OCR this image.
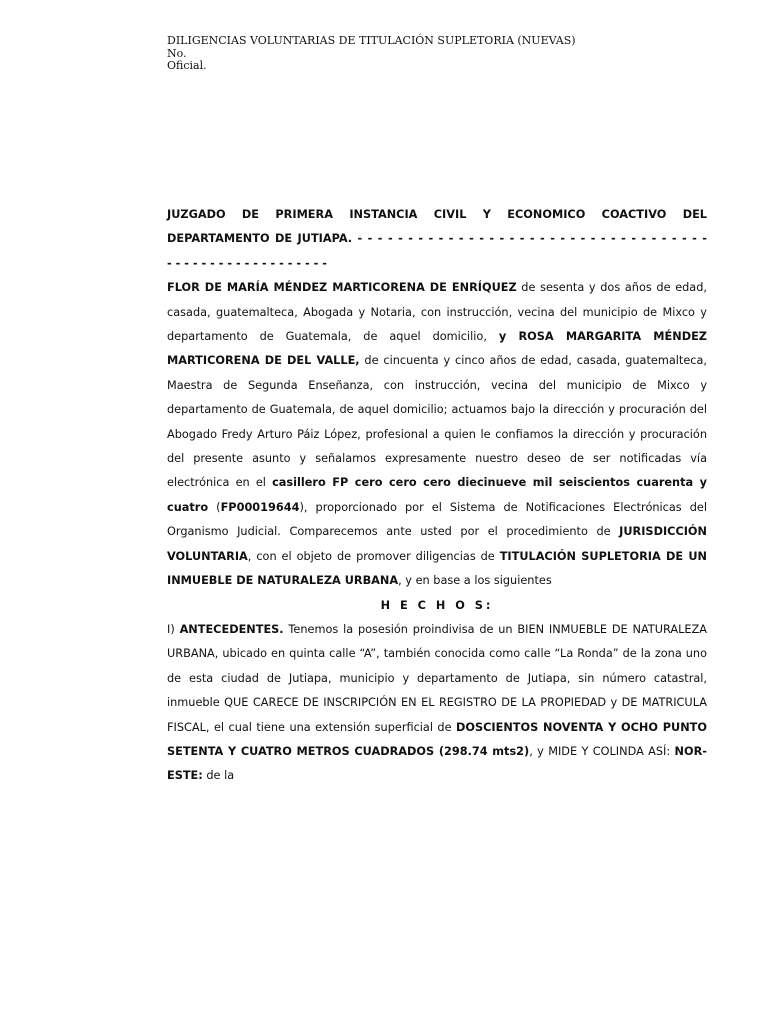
DILIGENCIAS VOLUNTARIAS DE TITULACIÓN SUPLETORIA (NUEVAS)
No.
Oficial.

JUZGADO DE PRIMERA INSTANCIA CIVIL Y ECONOMICO COACTIVO DEL

DEPARTAMENTO DE JUTIAPA. - - - - - - - - - - - - - - - - - - - - - - - - - - - - - - - - - - -

- - - - - - - - - - - - - - - - - - -

FLOR DE MARÍA MÉNDEZ MARTICORENA DE ENRÍQUEZ de sesenta y dos años de edad, casada, guatemalteca, Abogada y Notaria, con instrucción, vecina del municipio de Mixco y departamento de Guatemala, de aquel domicilio, y ROSA MARGARITA MÉNDEZ MARTICORENA DE DEL VALLE, de cincuenta y cinco años de edad, casada, guatemalteca, Maestra de Segunda Enseñanza, con instrucción, vecina del municipio de Mixco y departamento de Guatemala, de aquel domicilio; actuamos bajo la dirección y procuración del Abogado Fredy Arturo Páiz López, profesional a quien le confiamos la dirección y procuración del presente asunto y señalamos expresamente nuestro deseo de ser notificadas vía electrónica en el casillero FP cero cero cero diecinueve mil seiscientos cuarenta y cuatro (FP00019644), proporcionado por el Sistema de Notificaciones Electrónicas del Organismo Judicial. Comparecemos ante usted por el procedimiento de JURISDICCIÓN VOLUNTARIA, con el objeto de promover diligencias de TITULACIÓN SUPLETORIA DE UN INMUEBLE DE NATURALEZA URBANA, y en base a los siguientes

H E C H O S:

I) ANTECEDENTES. Tenemos la posesión proindivisa de un BIEN INMUEBLE DE NATURALEZA URBANA, ubicado en quinta calle “A”, también conocida como calle “La Ronda” de la zona uno de esta ciudad de Jutiapa, municipio y departamento de Jutiapa, sin número catastral, inmueble QUE CARECE DE INSCRIPCIÓN EN EL REGISTRO DE LA PROPIEDAD y DE MATRICULA FISCAL, el cual tiene una extensión superficial de DOSCIENTOS NOVENTA Y OCHO PUNTO SETENTA Y CUATRO METROS CUADRADOS (298.74 mts2), y MIDE Y COLINDA ASÍ: NOR-ESTE: de la
